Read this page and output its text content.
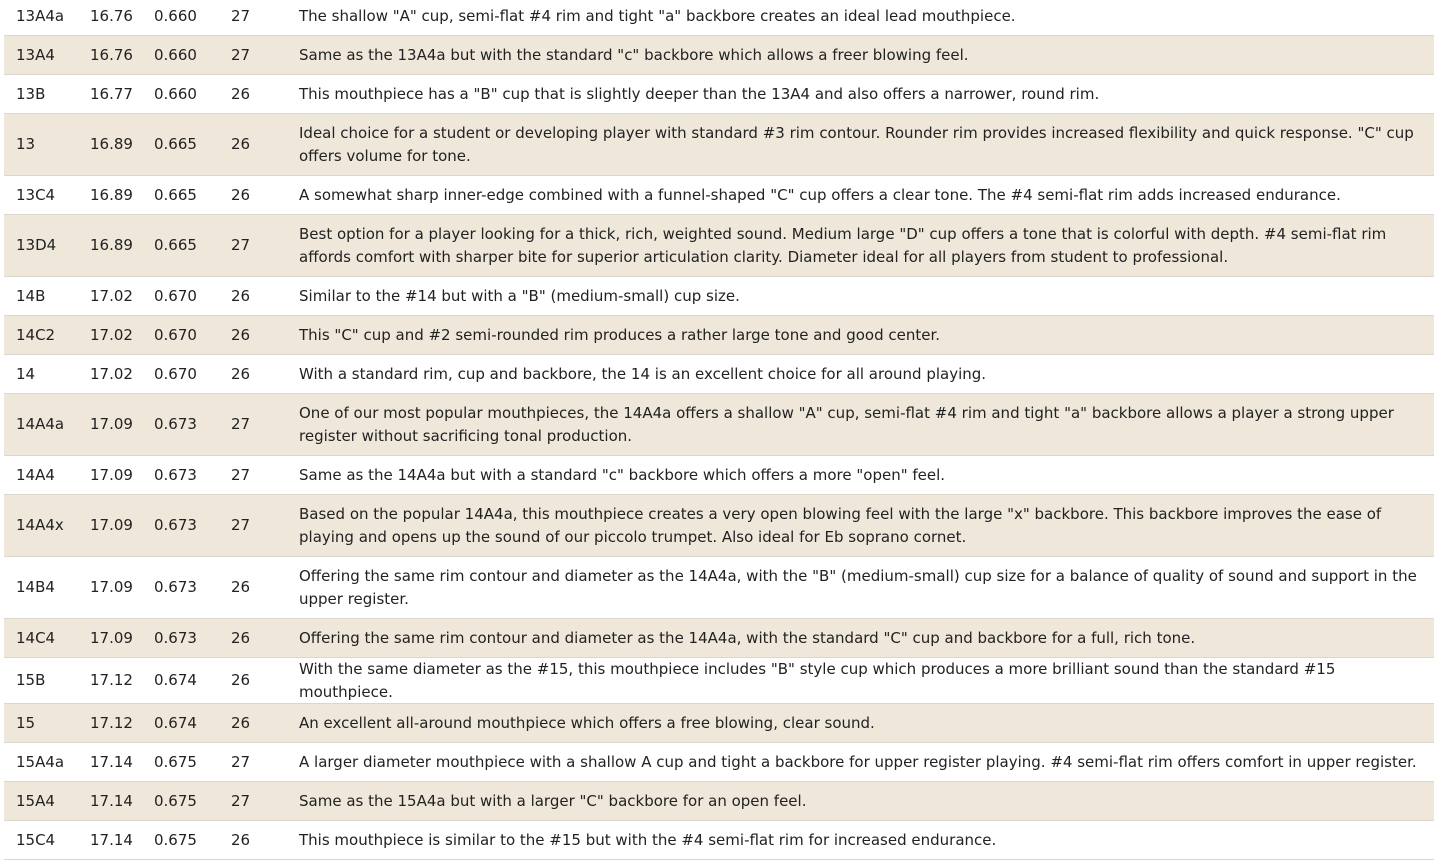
13A4a	16.76	0.660	27	The shallow "A" cup, semi-flat #4 rim and tight "a" backbore creates an ideal lead mouthpiece.
13A4	16.76	0.660	27	Same as the 13A4a but with the standard "c" backbore which allows a freer blowing feel.
13B	16.77	0.660	26	This mouthpiece has a "B" cup that is slightly deeper than the 13A4 and also offers a narrower, round rim.
13	16.89	0.665	26	Ideal choice for a student or developing player with standard #3 rim contour. Rounder rim provides increased flexibility and quick response. "C" cup offers volume for tone.
13C4	16.89	0.665	26	A somewhat sharp inner-edge combined with a funnel-shaped "C" cup offers a clear tone. The #4 semi-flat rim adds increased endurance.
13D4	16.89	0.665	27	Best option for a player looking for a thick, rich, weighted sound. Medium large "D" cup offers a tone that is colorful with depth. #4 semi-flat rim affords comfort with sharper bite for superior articulation clarity. Diameter ideal for all players from student to professional.
14B	17.02	0.670	26	Similar to the #14 but with a "B" (medium-small) cup size.
14C2	17.02	0.670	26	This "C" cup and #2 semi-rounded rim produces a rather large tone and good center.
14	17.02	0.670	26	With a standard rim, cup and backbore, the 14 is an excellent choice for all around playing.
14A4a	17.09	0.673	27	One of our most popular mouthpieces, the 14A4a offers a shallow "A" cup, semi-flat #4 rim and tight "a" backbore allows a player a strong upper register without sacrificing tonal production.
14A4	17.09	0.673	27	Same as the 14A4a but with a standard "c" backbore which offers a more "open" feel.
14A4x	17.09	0.673	27	Based on the popular 14A4a, this mouthpiece creates a very open blowing feel with the large "x" backbore. This backbore improves the ease of playing and opens up the sound of our piccolo trumpet. Also ideal for Eb soprano cornet.
14B4	17.09	0.673	26	Offering the same rim contour and diameter as the 14A4a, with the "B" (medium-small) cup size for a balance of quality of sound and support in the upper register.
14C4	17.09	0.673	26	Offering the same rim contour and diameter as the 14A4a, with the standard "C" cup and backbore for a full, rich tone.
15B	17.12	0.674	26	With the same diameter as the #15, this mouthpiece includes "B" style cup which produces a more brilliant sound than the standard #15 mouthpiece.
15	17.12	0.674	26	An excellent all-around mouthpiece which offers a free blowing, clear sound.
15A4a	17.14	0.675	27	A larger diameter mouthpiece with a shallow A cup and tight a backbore for upper register playing. #4 semi-flat rim offers comfort in upper register.
15A4	17.14	0.675	27	Same as the 15A4a but with a larger "C" backbore for an open feel.
15C4	17.14	0.675	26	This mouthpiece is similar to the #15 but with the #4 semi-flat rim for increased endurance.
